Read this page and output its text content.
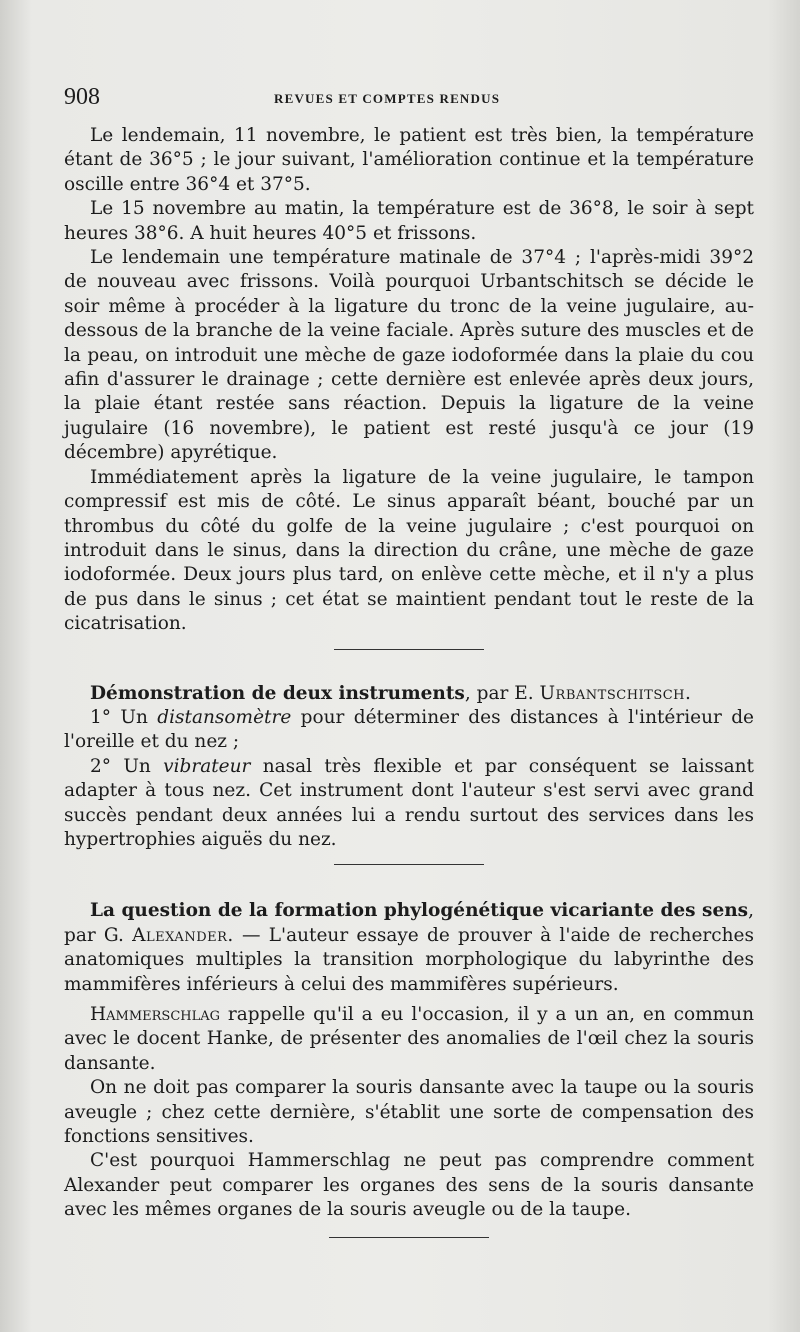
908	REVUES ET COMPTES RENDUS

Le lendemain, 11 novembre, le patient est très bien, la température étant de 36°5 ; le jour suivant, l'amélioration continue et la température oscille entre 36°4 et 37°5.

Le 15 novembre au matin, la température est de 36°8, le soir à sept heures 38°6. A huit heures 40°5 et frissons.

Le lendemain une température matinale de 37°4 ; l'après-midi 39°2 de nouveau avec frissons. Voilà pourquoi Urbantschitsch se décide le soir même à procéder à la ligature du tronc de la veine jugulaire, au-dessous de la branche de la veine faciale. Après suture des muscles et de la peau, on introduit une mèche de gaze iodoformée dans la plaie du cou afin d'assurer le drainage ; cette dernière est enlevée après deux jours, la plaie étant restée sans réaction. Depuis la ligature de la veine jugulaire (16 novembre), le patient est resté jusqu'à ce jour (19 décembre) apyrétique.

Immédiatement après la ligature de la veine jugulaire, le tampon compressif est mis de côté. Le sinus apparaît béant, bouché par un thrombus du côté du golfe de la veine jugulaire ; c'est pourquoi on introduit dans le sinus, dans la direction du crâne, une mèche de gaze iodoformée. Deux jours plus tard, on enlève cette mèche, et il n'y a plus de pus dans le sinus ; cet état se maintient pendant tout le reste de la cicatrisation.

Démonstration de deux instruments, par E. Urbantschitsch.

1° Un distansomètre pour déterminer des distances à l'intérieur de l'oreille et du nez ;

2° Un vibrateur nasal très flexible et par conséquent se laissant adapter à tous nez. Cet instrument dont l'auteur s'est servi avec grand succès pendant deux années lui a rendu surtout des services dans les hypertrophies aiguës du nez.

La question de la formation phylogénétique vicariante des sens, par G. Alexander. — L'auteur essaye de prouver à l'aide de recherches anatomiques multiples la transition morphologique du labyrinthe des mammifères inférieurs à celui des mammifères supérieurs.

Hammerschlag rappelle qu'il a eu l'occasion, il y a un an, en commun avec le docent Hanke, de présenter des anomalies de l'œil chez la souris dansante.

On ne doit pas comparer la souris dansante avec la taupe ou la souris aveugle ; chez cette dernière, s'établit une sorte de compensation des fonctions sensitives.

C'est pourquoi Hammerschlag ne peut pas comprendre comment Alexander peut comparer les organes des sens de la souris dansante avec les mêmes organes de la souris aveugle ou de la taupe.
